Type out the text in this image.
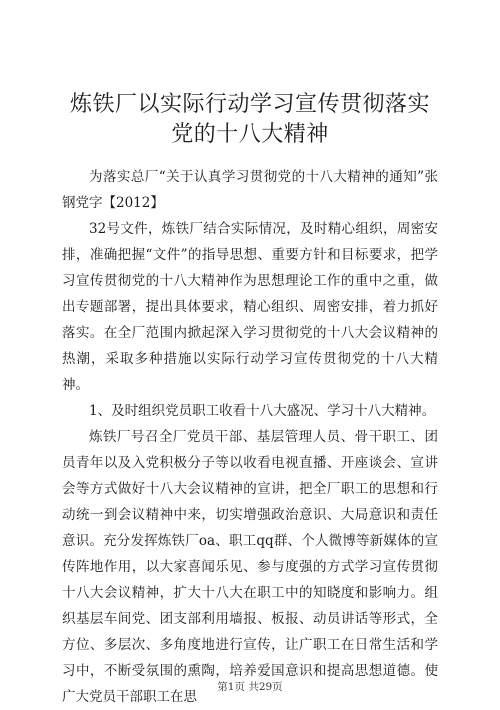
炼铁厂以实际行动学习宣传贯彻落实党的十八大精神

为落实总厂“关于认真学习贯彻党的十八大精神的通知”张钢党字【2012】

32号文件，炼铁厂结合实际情况，及时精心组织，周密安排，准确把握“文件”的指导思想、重要方针和目标要求，把学习宣传贯彻党的十八大精神作为思想理论工作的重中之重，做出专题部署，提出具体要求，精心组织、周密安排，着力抓好落实。在全厂范围内掀起深入学习贯彻党的十八大会议精神的热潮，采取多种措施以实际行动学习宣传贯彻党的十八大精神。

1、及时组织党员职工收看十八大盛况、学习十八大精神。

炼铁厂号召全厂党员干部、基层管理人员、骨干职工、团员青年以及入党积极分子等以收看电视直播、开座谈会、宣讲会等方式做好十八大会议精神的宣讲，把全厂职工的思想和行动统一到会议精神中来，切实增强政治意识、大局意识和责任意识。充分发挥炼铁厂oa、职工qq群、个人微博等新媒体的宣传阵地作用，以大家喜闻乐见、参与度强的方式学习宣传贯彻十八大会议精神，扩大十八大在职工中的知晓度和影响力。组织基层车间党、团支部利用墙报、板报、动员讲话等形式，全方位、多层次、多角度地进行宣传，让广职工在日常生活和学习中，不断受氛围的熏陶，培养爱国意识和提高思想道德。使广大党员干部职工在思

第1页 共29页
